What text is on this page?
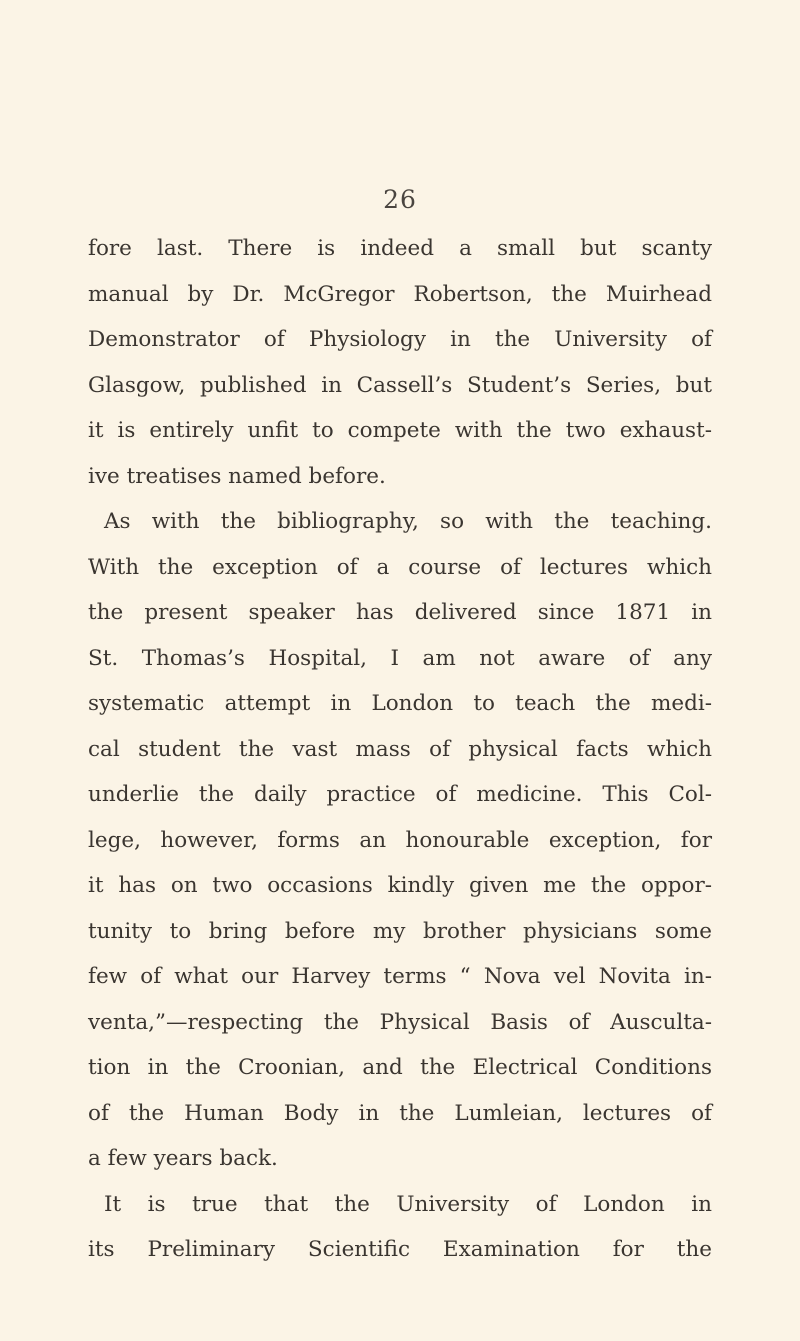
26
fore last. There is indeed a small but scanty
manual by Dr. McGregor Robertson, the Muirhead
Demonstrator of Physiology in the University of
Glasgow, published in Cassell’s Student’s Series, but
it is entirely unfit to compete with the two exhaust-
ive treatises named before.
As with the bibliography, so with the teaching.
With the exception of a course of lectures which
the present speaker has delivered since 1871 in
St. Thomas’s Hospital, I am not aware of any
systematic attempt in London to teach the medi-
cal student the vast mass of physical facts which
underlie the daily practice of medicine. This Col-
lege, however, forms an honourable exception, for
it has on two occasions kindly given me the oppor-
tunity to bring before my brother physicians some
few of what our Harvey terms “ Nova vel Novita in-
venta,”—respecting the Physical Basis of Ausculta-
tion in the Croonian, and the Electrical Conditions
of the Human Body in the Lumleian, lectures of
a few years back.
It is true that the University of London in
its Preliminary Scientific Examination for the
